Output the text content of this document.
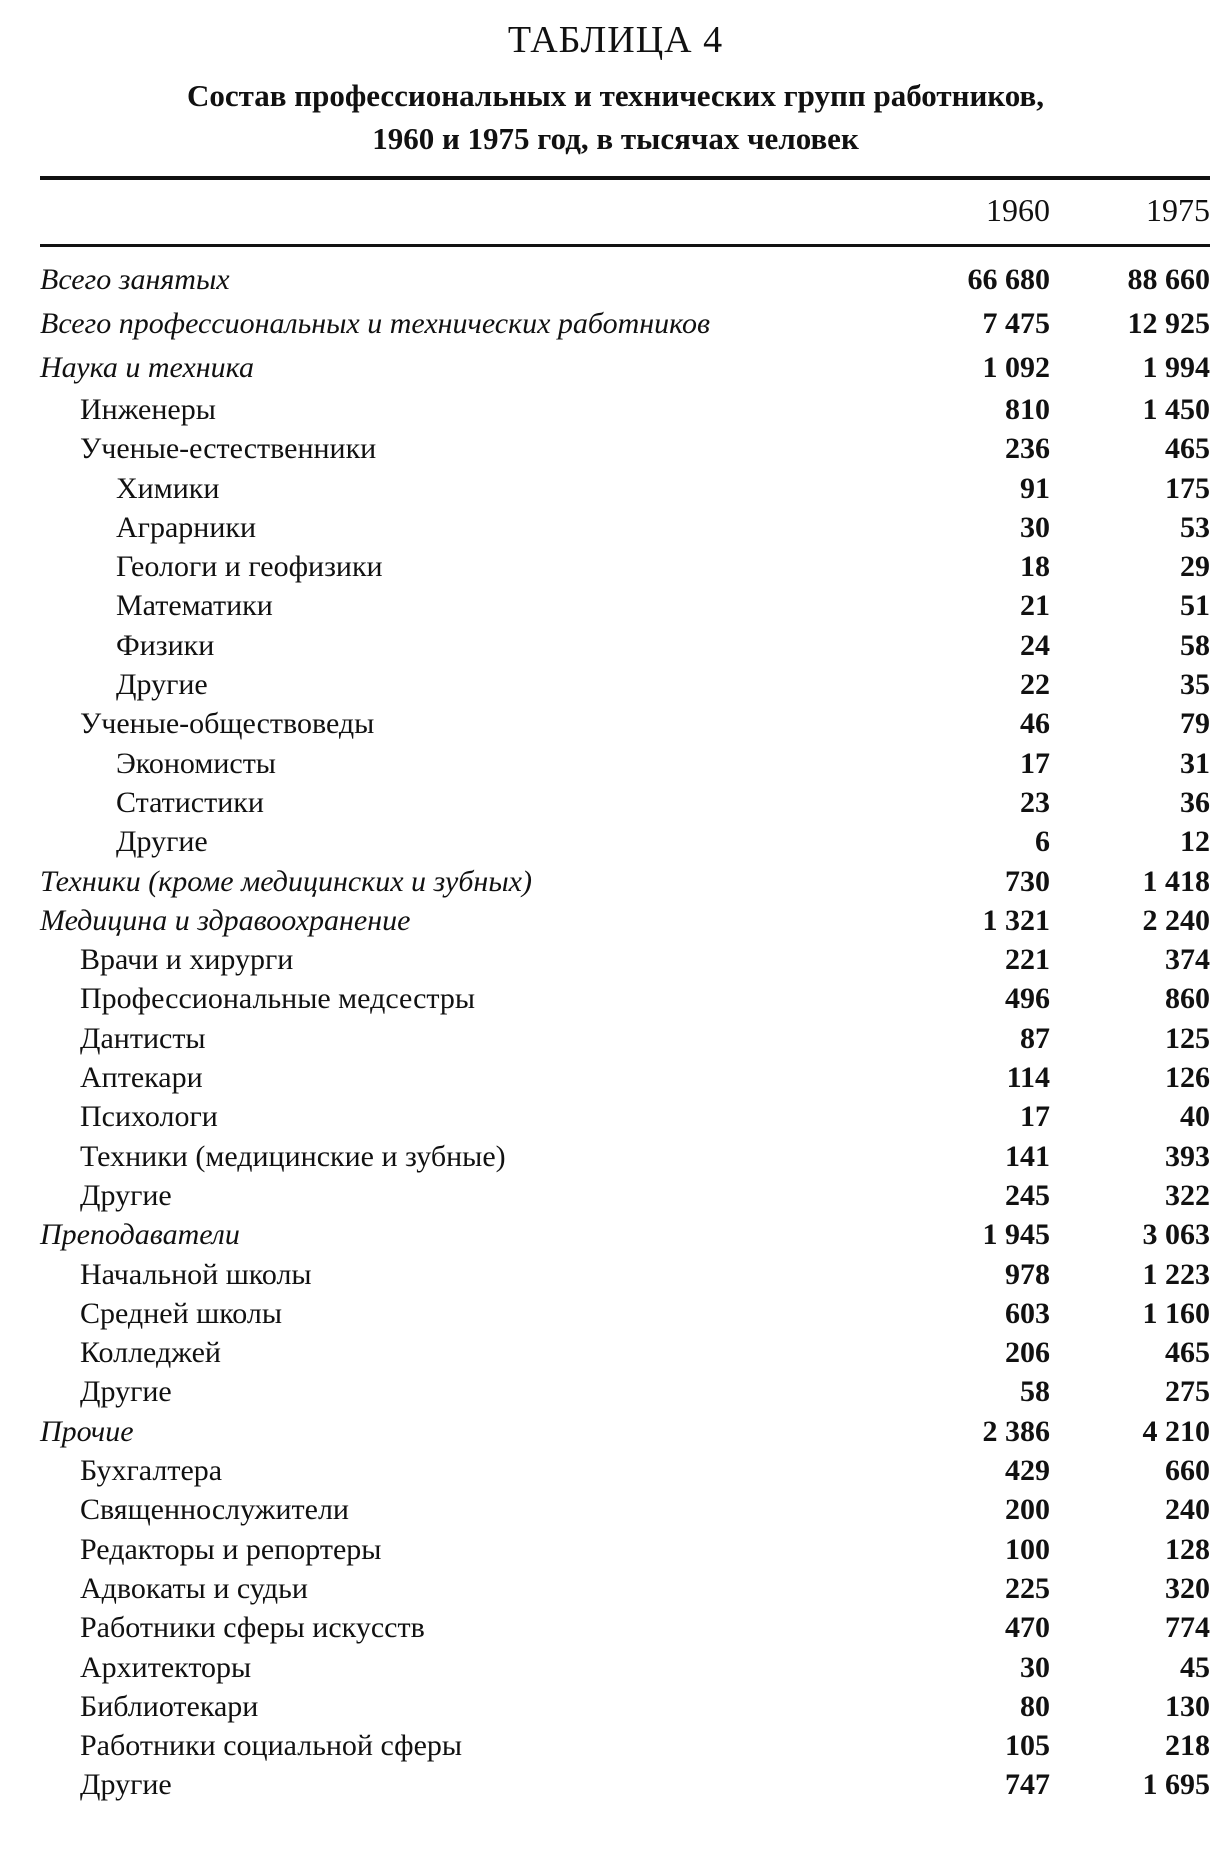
ТАБЛИЦА 4
Состав профессиональных и технических групп работников,
1960 и 1975 год, в тысячах человек
1960	1975
Всего занятых	66 680	88 660
Всего профессиональных и технических работников	7 475	12 925
Наука и техника	1 092	1 994
Инженеры	810	1 450
Ученые-естественники	236	465
Химики	91	175
Аграрники	30	53
Геологи и геофизики	18	29
Математики	21	51
Физики	24	58
Другие	22	35
Ученые-обществоведы	46	79
Экономисты	17	31
Статистики	23	36
Другие	6	12
Техники (кроме медицинских и зубных)	730	1 418
Медицина и здравоохранение	1 321	2 240
Врачи и хирурги	221	374
Профессиональные медсестры	496	860
Дантисты	87	125
Аптекари	114	126
Психологи	17	40
Техники (медицинские и зубные)	141	393
Другие	245	322
Преподаватели	1 945	3 063
Начальной школы	978	1 223
Средней школы	603	1 160
Колледжей	206	465
Другие	58	275
Прочие	2 386	4 210
Бухгалтера	429	660
Священнослужители	200	240
Редакторы и репортеры	100	128
Адвокаты и судьи	225	320
Работники сферы искусств	470	774
Архитекторы	30	45
Библиотекари	80	130
Работники социальной сферы	105	218
Другие	747	1 695
